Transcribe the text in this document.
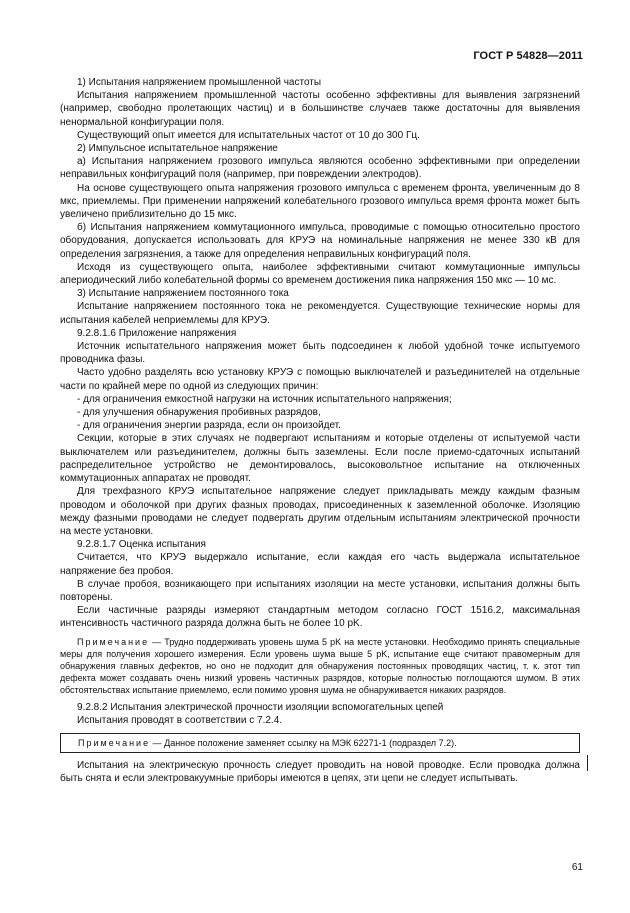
ГОСТ Р 54828—2011

1) Испытания напряжением промышленной частоты

Испытания напряжением промышленной частоты особенно эффективны для выявления загрязнений (например, свободно пролетающих частиц) и в большинстве случаев также достаточны для выявления ненормальной конфигурации поля.

Существующий опыт имеется для испытательных частот от 10 до 300 Гц.

2) Импульсное испытательное напряжение

а) Испытания напряжением грозового импульса являются особенно эффективными при определении неправильных конфигураций поля (например, при повреждении электродов).

На основе существующего опыта напряжения грозового импульса с временем фронта, увеличенным до 8 мкс, приемлемы. При применении напряжений колебательного грозового импульса время фронта может быть увеличено приблизительно до 15 мкс.

б) Испытания напряжением коммутационного импульса, проводимые с помощью относительно простого оборудования, допускается использовать для КРУЭ на номинальные напряжения не менее 330 кВ для определения загрязнения, а также для определения неправильных конфигураций поля.

Исходя из существующего опыта, наиболее эффективными считают коммутационные импульсы апериодический либо колебательной формы со временем достижения пика напряжения 150 мкс — 10 мс.

3) Испытание напряжением постоянного тока

Испытание напряжением постоянного тока не рекомендуется. Существующие технические нормы для испытания кабелей неприемлемы для КРУЭ.

9.2.8.1.6 Приложение напряжения

Источник испытательного напряжения может быть подсоединен к любой удобной точке испытуемого проводника фазы.

Часто удобно разделять всю установку КРУЭ с помощью выключателей и разъединителей на отдельные части по крайней мере по одной из следующих причин:

- для ограничения емкостной нагрузки на источник испытательного напряжения;
- для улучшения обнаружения пробивных разрядов,
- для ограничения энергии разряда, если он произойдет.

Секции, которые в этих случаях не подвергают испытаниям и которые отделены от испытуемой части выключателем или разъединителем, должны быть заземлены. Если после приемо-сдаточных испытаний распределительное устройство не демонтировалось, высоковольтное испытание на отключенных коммутационных аппаратах не проводят.

Для трехфазного КРУЭ испытательное напряжение следует прикладывать между каждым фазным проводом и оболочкой при других фазных проводах, присоединенных к заземленной оболочке. Изоляцию между фазными проводами не следует подвергать другим отдельным испытаниям электрической прочности на месте установки.

9.2.8.1.7 Оценка испытания

Считается, что КРУЭ выдержало испытание, если каждая его часть выдержала испытательное напряжение без пробоя.

В случае пробоя, возникающего при испытаниях изоляции на месте установки, испытания должны быть повторены.

Если частичные разряды измеряют стандартным методом согласно ГОСТ 1516.2, максимальная интенсивность частичного разряда должна быть не более 10 pK.

Примечание — Трудно поддерживать уровень шума 5 pK на месте установки. Необходимо принять специальные меры для получения хорошего измерения. Если уровень шума выше 5 pK, испытание еще считают правомерным для обнаружения главных дефектов, но оно не подходит для обнаружения постоянных проводящих частиц, т. к. этот тип дефекта может создавать очень низкий уровень частичных разрядов, которые полностью поглощаются шумом. В этих обстоятельствах испытание приемлемо, если помимо уровня шума не обнаруживается никаких разрядов.

9.2.8.2 Испытания электрической прочности изоляции вспомогательных цепей

Испытания проводят в соответствии с 7.2.4.

Примечание — Данное положение заменяет ссылку на МЭК 62271-1 (подраздел 7.2).

Испытания на электрическую прочность следует проводить на новой проводке. Если проводка должна быть снята и если электровакуумные приборы имеются в цепях, эти цепи не следует испытывать.

61
